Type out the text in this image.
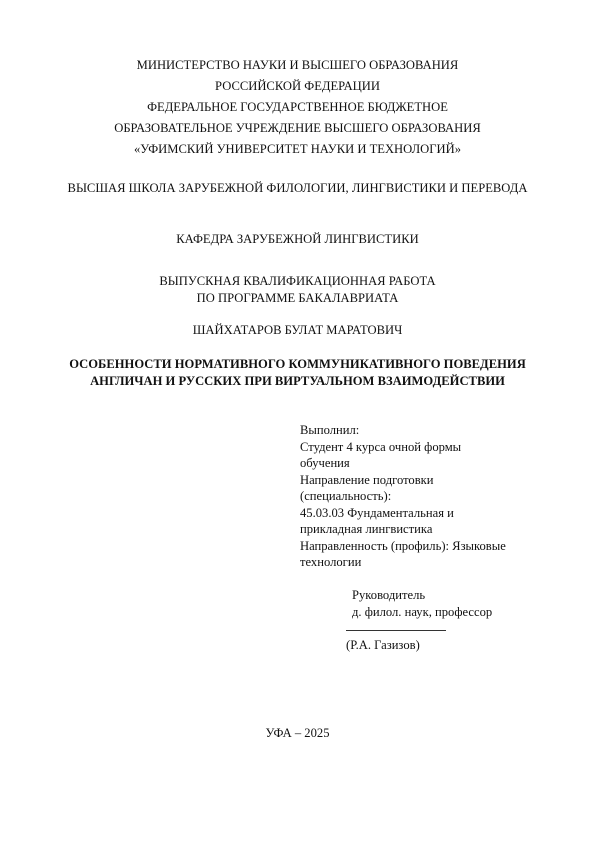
МИНИСТЕРСТВО НАУКИ И ВЫСШЕГО ОБРАЗОВАНИЯ
РОССИЙСКОЙ ФЕДЕРАЦИИ
ФЕДЕРАЛЬНОЕ ГОСУДАРСТВЕННОЕ БЮДЖЕТНОЕ
ОБРАЗОВАТЕЛЬНОЕ УЧРЕЖДЕНИЕ ВЫСШЕГО ОБРАЗОВАНИЯ
«УФИМСКИЙ УНИВЕРСИТЕТ НАУКИ И ТЕХНОЛОГИЙ»
ВЫСШАЯ ШКОЛА ЗАРУБЕЖНОЙ ФИЛОЛОГИИ, ЛИНГВИСТИКИ И ПЕРЕВОДА
КАФЕДРА ЗАРУБЕЖНОЙ ЛИНГВИСТИКИ
ВЫПУСКНАЯ КВАЛИФИКАЦИОННАЯ РАБОТА
ПО ПРОГРАММЕ БАКАЛАВРИАТА
ШАЙХАТАРОВ БУЛАТ МАРАТОВИЧ
ОСОБЕННОСТИ НОРМАТИВНОГО КОММУНИКАТИВНОГО ПОВЕДЕНИЯ
АНГЛИЧАН И РУССКИХ ПРИ ВИРТУАЛЬНОМ ВЗАИМОДЕЙСТВИИ
Выполнил:
Студент 4 курса очной формы
обучения
Направление подготовки
(специальность):
45.03.03 Фундаментальная и
прикладная лингвистика
Направленность (профиль): Языковые
технологии
Руководитель
д. филол. наук, профессор
(Р.А. Газизов)
УФА – 2025
